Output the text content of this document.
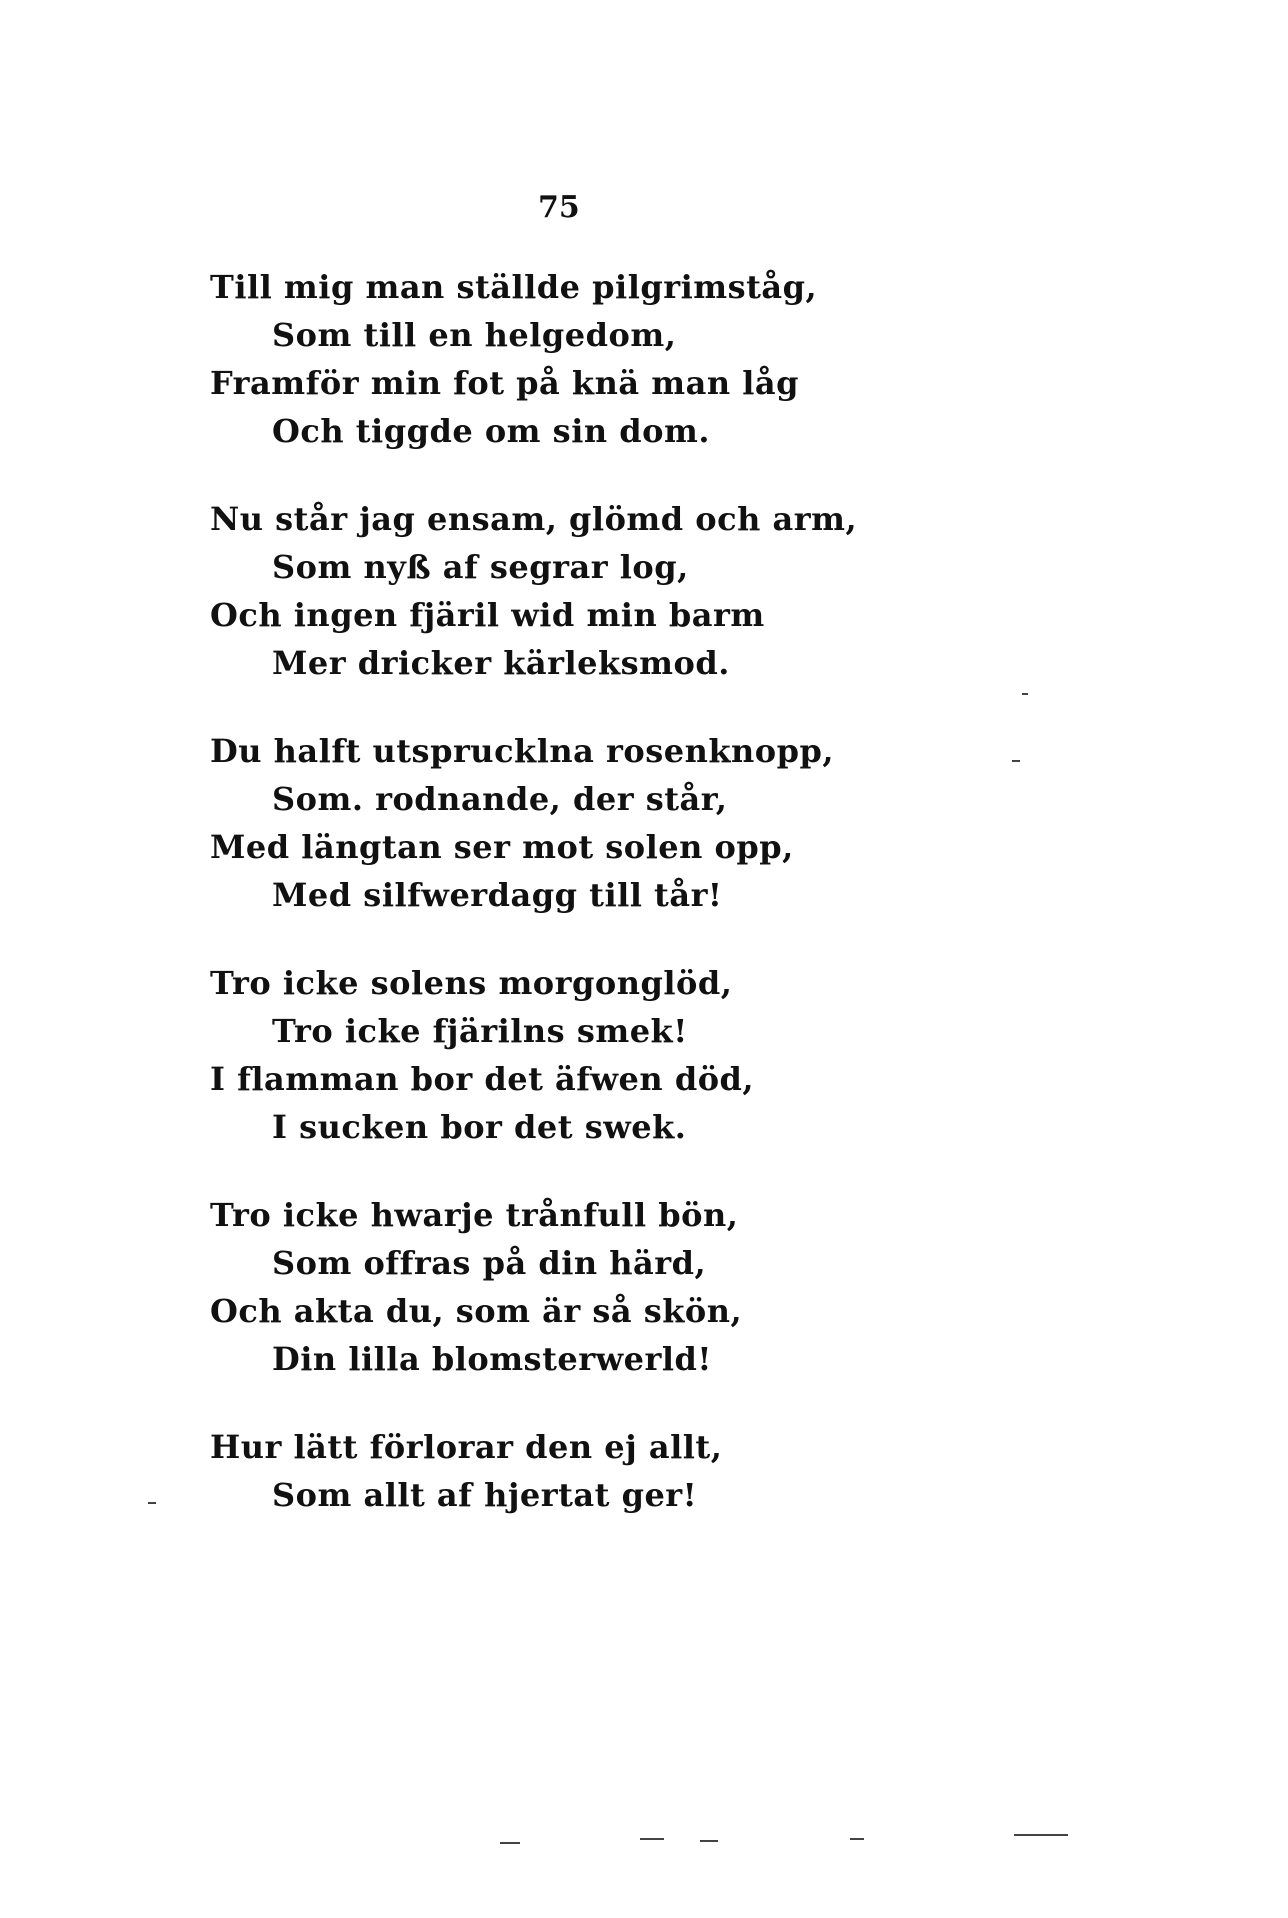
75
Till mig man ställde pilgrimståg,
Som till en helgedom,
Framför min fot på knä man låg
Och tiggde om sin dom.
Nu står jag ensam, glömd och arm,
Som nyß af segrar log,
Och ingen fjäril wid min barm
Mer dricker kärleksmod.
Du halft utsprucklna rosenknopp,
Som. rodnande, der står,
Med längtan ser mot solen opp,
Med silfwerdagg till tår!
Tro icke solens morgonglöd,
Tro icke fjärilns smek!
I flamman bor det äfwen död,
I sucken bor det swek.
Tro icke hwarje trånfull bön,
Som offras på din härd,
Och akta du, som är så skön,
Din lilla blomsterwerld!
Hur lätt förlorar den ej allt,
Som allt af hjertat ger!
